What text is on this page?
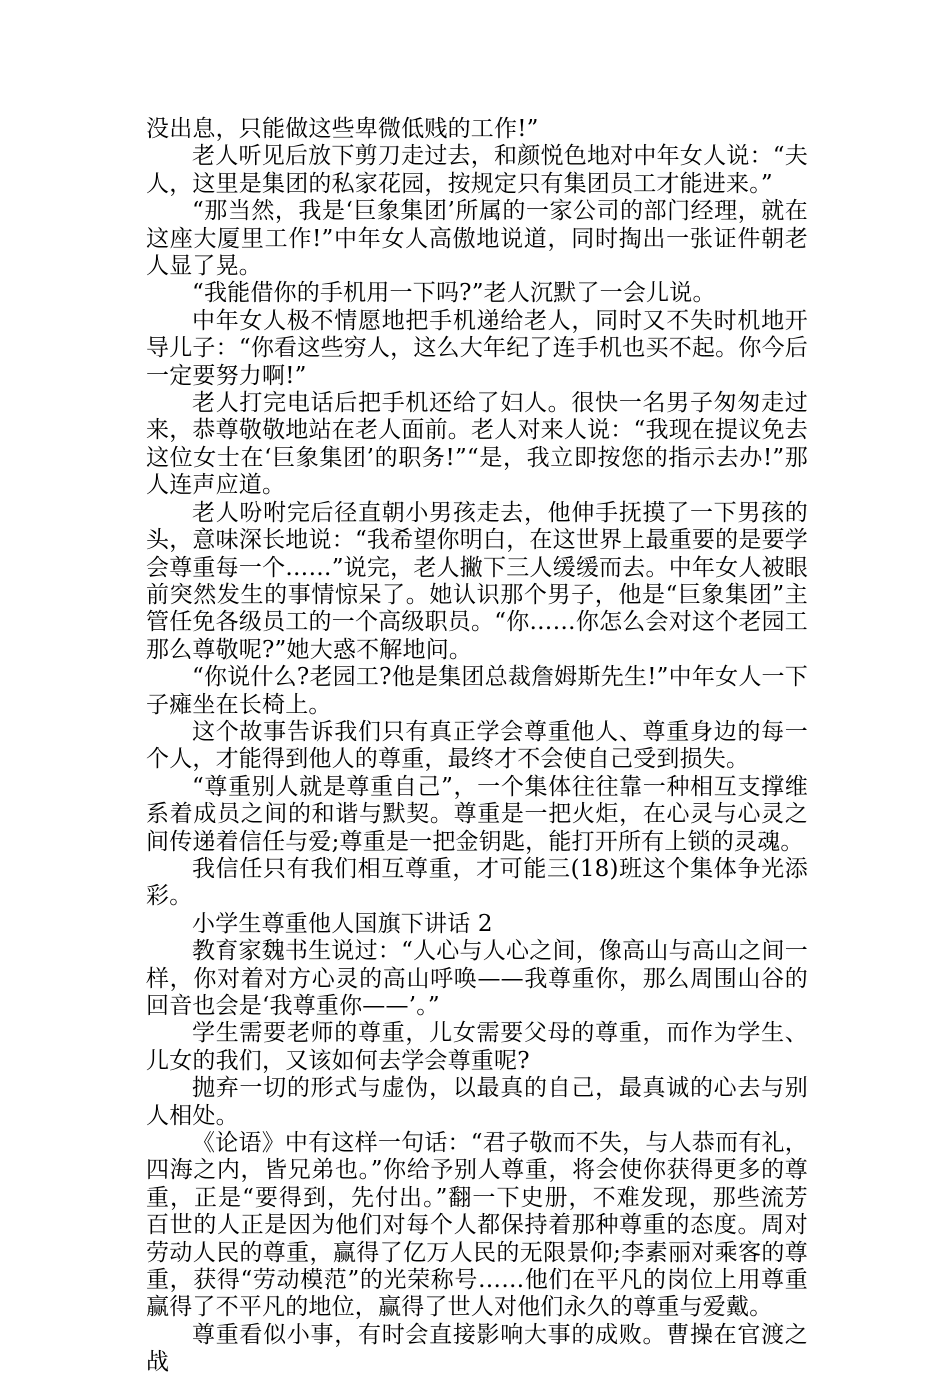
没出息，只能做这些卑微低贱的工作!”

老人听见后放下剪刀走过去，和颜悦色地对中年女人说：“夫人，这里是集团的私家花园，按规定只有集团员工才能进来。”

“那当然，我是‘巨象集团’所属的一家公司的部门经理，就在这座大厦里工作!”中年女人高傲地说道，同时掏出一张证件朝老人显了晃。

“我能借你的手机用一下吗?”老人沉默了一会儿说。

中年女人极不情愿地把手机递给老人，同时又不失时机地开导儿子：“你看这些穷人，这么大年纪了连手机也买不起。你今后一定要努力啊!”

老人打完电话后把手机还给了妇人。很快一名男子匆匆走过来，恭尊敬敬地站在老人面前。老人对来人说：“我现在提议免去这位女士在‘巨象集团’的职务!”“是，我立即按您的指示去办!”那人连声应道。

老人吩咐完后径直朝小男孩走去，他伸手抚摸了一下男孩的头，意味深长地说：“我希望你明白，在这世界上最重要的是要学会尊重每一个……”说完，老人撇下三人缓缓而去。中年女人被眼前突然发生的事情惊呆了。她认识那个男子，他是“巨象集团”主管任免各级员工的一个高级职员。“你……你怎么会对这个老园工那么尊敬呢?”她大惑不解地问。

“你说什么?老园工?他是集团总裁詹姆斯先生!”中年女人一下子瘫坐在长椅上。

这个故事告诉我们只有真正学会尊重他人、尊重身边的每一个人，才能得到他人的尊重，最终才不会使自己受到损失。

“尊重别人就是尊重自己”，一个集体往往靠一种相互支撑维系着成员之间的和谐与默契。尊重是一把火炬，在心灵与心灵之间传递着信任与爱;尊重是一把金钥匙，能打开所有上锁的灵魂。

我信任只有我们相互尊重，才可能三(18)班这个集体争光添彩。

小学生尊重他人国旗下讲话 2

教育家魏书生说过：“人心与人心之间，像高山与高山之间一样，你对着对方心灵的高山呼唤——我尊重你，那么周围山谷的回音也会是‘我尊重你——’。”

学生需要老师的尊重，儿女需要父母的尊重，而作为学生、儿女的我们，又该如何去学会尊重呢?

抛弃一切的形式与虚伪，以最真的自己，最真诚的心去与别人相处。

《论语》中有这样一句话：“君子敬而不失，与人恭而有礼，四海之内，皆兄弟也。”你给予别人尊重，将会使你获得更多的尊重，正是“要得到，先付出。”翻一下史册，不难发现，那些流芳百世的人正是因为他们对每个人都保持着那种尊重的态度。周对劳动人民的尊重，赢得了亿万人民的无限景仰;李素丽对乘客的尊重，获得“劳动模范”的光荣称号……他们在平凡的岗位上用尊重赢得了不平凡的地位，赢得了世人对他们永久的尊重与爱戴。

尊重看似小事，有时会直接影响大事的成败。曹操在官渡之战
